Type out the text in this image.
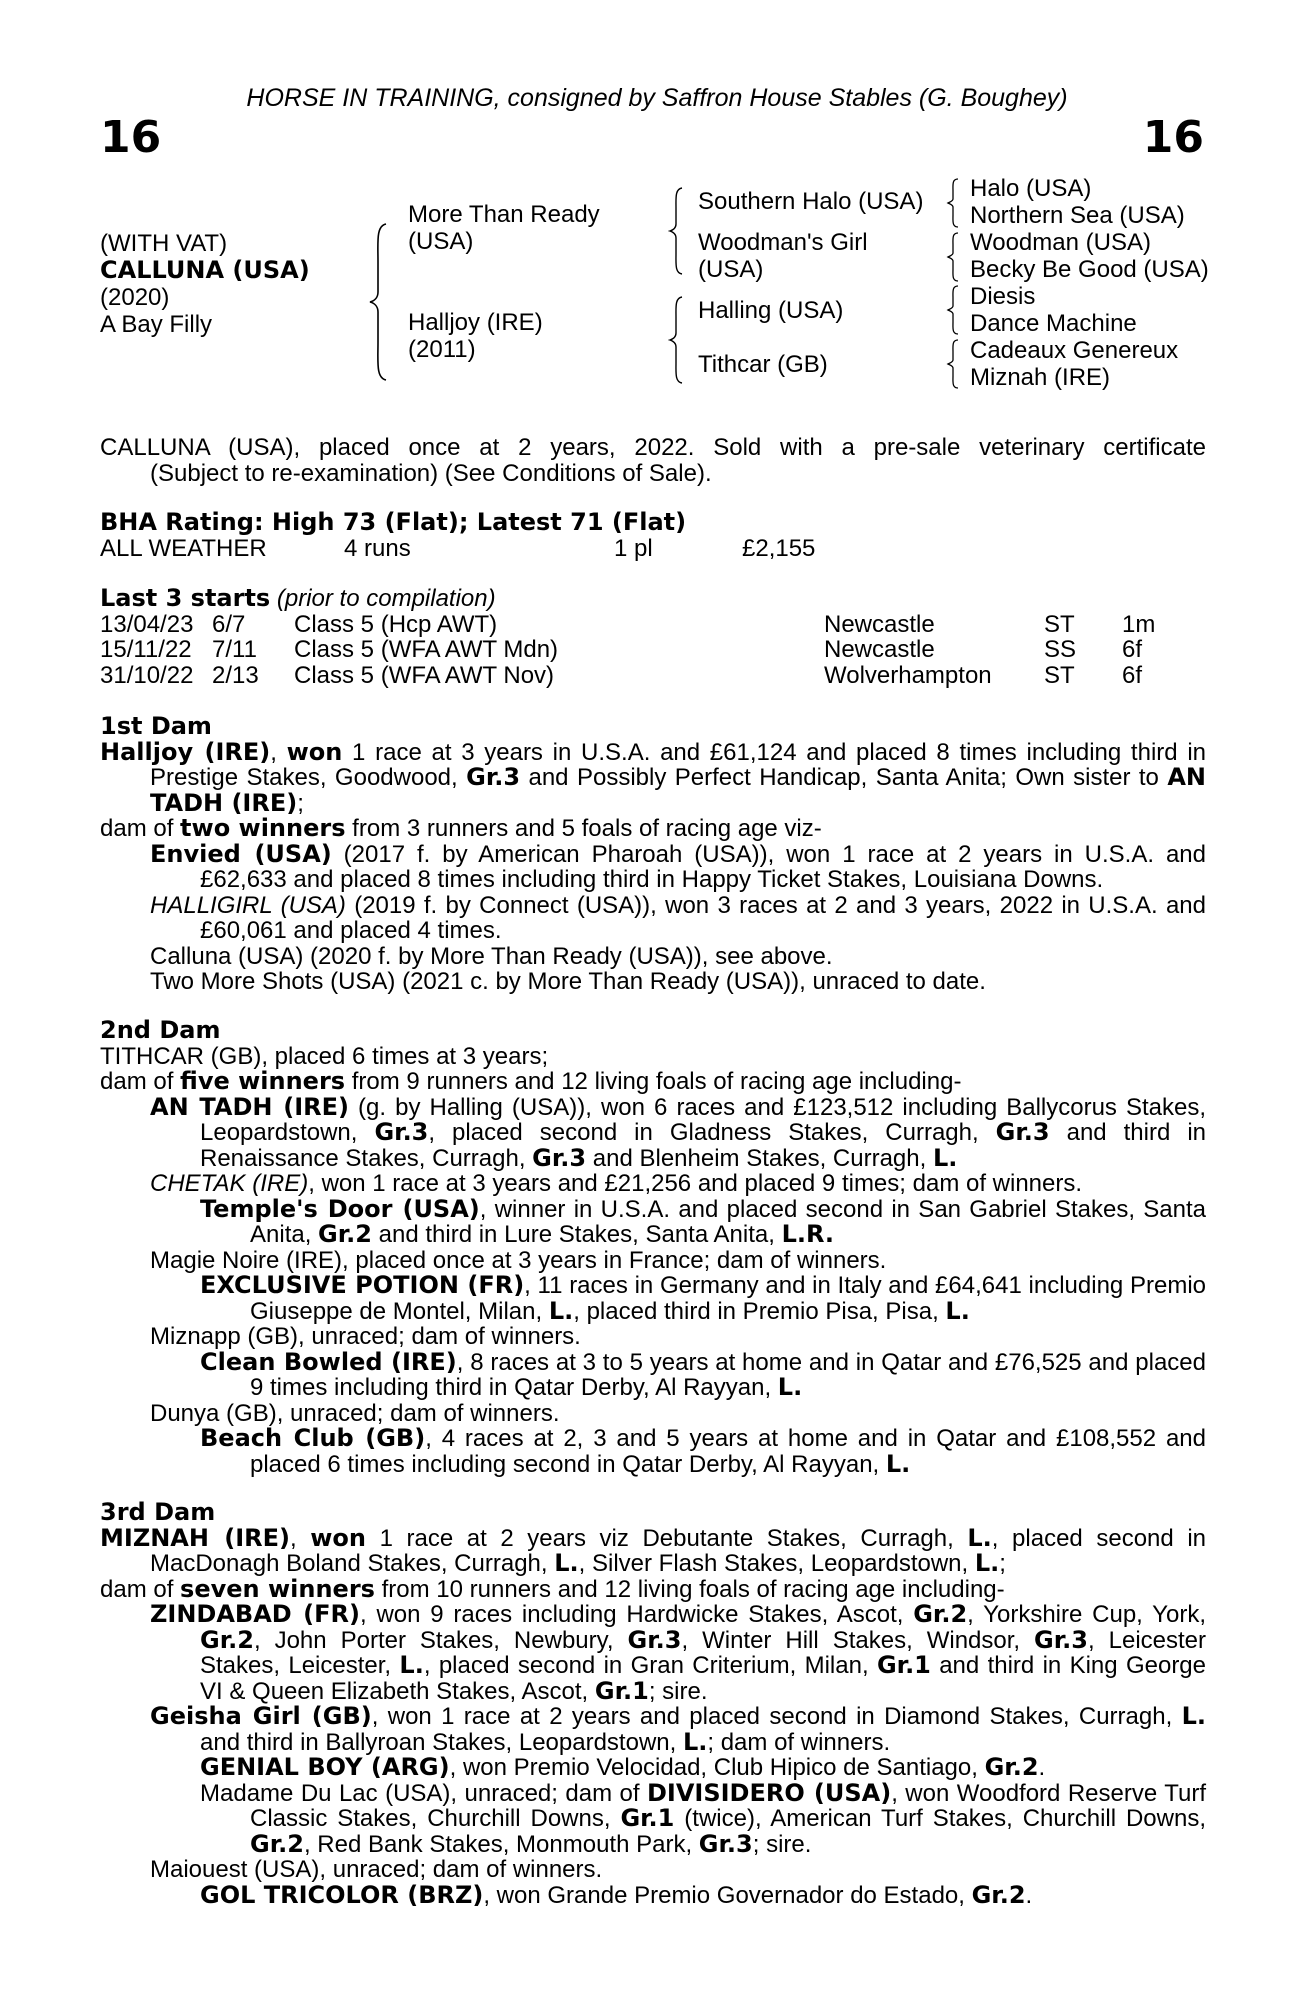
HORSE IN TRAINING, consigned by Saffron House Stables (G. Boughey)
16	16
(WITH VAT)
CALLUNA (USA)
(2020)
A Bay Filly
More Than Ready
(USA)
Halljoy (IRE)
(2011)
Southern Halo (USA)
Woodman's Girl
(USA)
Halling (USA)
Tithcar (GB)
Halo (USA)
Northern Sea (USA)
Woodman (USA)
Becky Be Good (USA)
Diesis
Dance Machine
Cadeaux Genereux
Miznah (IRE)

CALLUNA (USA), placed once at 2 years, 2022. Sold with a pre-sale veterinary certificate

(Subject to re-examination) (See Conditions of Sale).

BHA Rating: High 73 (Flat); Latest 71 (Flat)

ALL WEATHER	4 runs	1 pl	£2,155

Last 3 starts (prior to compilation)

13/04/23 6/7	Class 5 (Hcp AWT)	Newcastle	ST	1m
15/11/22 7/11	Class 5 (WFA AWT Mdn)	Newcastle	SS	6f
31/10/22 2/13	Class 5 (WFA AWT Nov)	Wolverhampton	ST	6f

1st Dam

Halljoy (IRE), won 1 race at 3 years in U.S.A. and £61,124 and placed 8 times including third in Prestige Stakes, Goodwood, Gr.3 and Possibly Perfect Handicap, Santa Anita; Own sister to AN TADH (IRE);

dam of two winners from 3 runners and 5 foals of racing age viz-

Envied (USA) (2017 f. by American Pharoah (USA)), won 1 race at 2 years in U.S.A. and £62,633 and placed 8 times including third in Happy Ticket Stakes, Louisiana Downs.

HALLIGIRL (USA) (2019 f. by Connect (USA)), won 3 races at 2 and 3 years, 2022 in U.S.A. and £60,061 and placed 4 times.

Calluna (USA) (2020 f. by More Than Ready (USA)), see above.

Two More Shots (USA) (2021 c. by More Than Ready (USA)), unraced to date.

2nd Dam

TITHCAR (GB), placed 6 times at 3 years;

dam of five winners from 9 runners and 12 living foals of racing age including-

AN TADH (IRE) (g. by Halling (USA)), won 6 races and £123,512 including Ballycorus Stakes, Leopardstown, Gr.3, placed second in Gladness Stakes, Curragh, Gr.3 and third in Renaissance Stakes, Curragh, Gr.3 and Blenheim Stakes, Curragh, L.

CHETAK (IRE), won 1 race at 3 years and £21,256 and placed 9 times; dam of winners.

Temple's Door (USA), winner in U.S.A. and placed second in San Gabriel Stakes, Santa Anita, Gr.2 and third in Lure Stakes, Santa Anita, L.R.

Magie Noire (IRE), placed once at 3 years in France; dam of winners.

EXCLUSIVE POTION (FR), 11 races in Germany and in Italy and £64,641 including Premio Giuseppe de Montel, Milan, L., placed third in Premio Pisa, Pisa, L.

Miznapp (GB), unraced; dam of winners.

Clean Bowled (IRE), 8 races at 3 to 5 years at home and in Qatar and £76,525 and placed 9 times including third in Qatar Derby, Al Rayyan, L.

Dunya (GB), unraced; dam of winners.

Beach Club (GB), 4 races at 2, 3 and 5 years at home and in Qatar and £108,552 and placed 6 times including second in Qatar Derby, Al Rayyan, L.

3rd Dam

MIZNAH (IRE), won 1 race at 2 years viz Debutante Stakes, Curragh, L., placed second in MacDonagh Boland Stakes, Curragh, L., Silver Flash Stakes, Leopardstown, L.;

dam of seven winners from 10 runners and 12 living foals of racing age including-

ZINDABAD (FR), won 9 races including Hardwicke Stakes, Ascot, Gr.2, Yorkshire Cup, York, Gr.2, John Porter Stakes, Newbury, Gr.3, Winter Hill Stakes, Windsor, Gr.3, Leicester Stakes, Leicester, L., placed second in Gran Criterium, Milan, Gr.1 and third in King George VI & Queen Elizabeth Stakes, Ascot, Gr.1; sire.

Geisha Girl (GB), won 1 race at 2 years and placed second in Diamond Stakes, Curragh, L. and third in Ballyroan Stakes, Leopardstown, L.; dam of winners.

GENIAL BOY (ARG), won Premio Velocidad, Club Hipico de Santiago, Gr.2.

Madame Du Lac (USA), unraced; dam of DIVISIDERO (USA), won Woodford Reserve Turf Classic Stakes, Churchill Downs, Gr.1 (twice), American Turf Stakes, Churchill Downs, Gr.2, Red Bank Stakes, Monmouth Park, Gr.3; sire.

Maiouest (USA), unraced; dam of winners.

GOL TRICOLOR (BRZ), won Grande Premio Governador do Estado, Gr.2.
